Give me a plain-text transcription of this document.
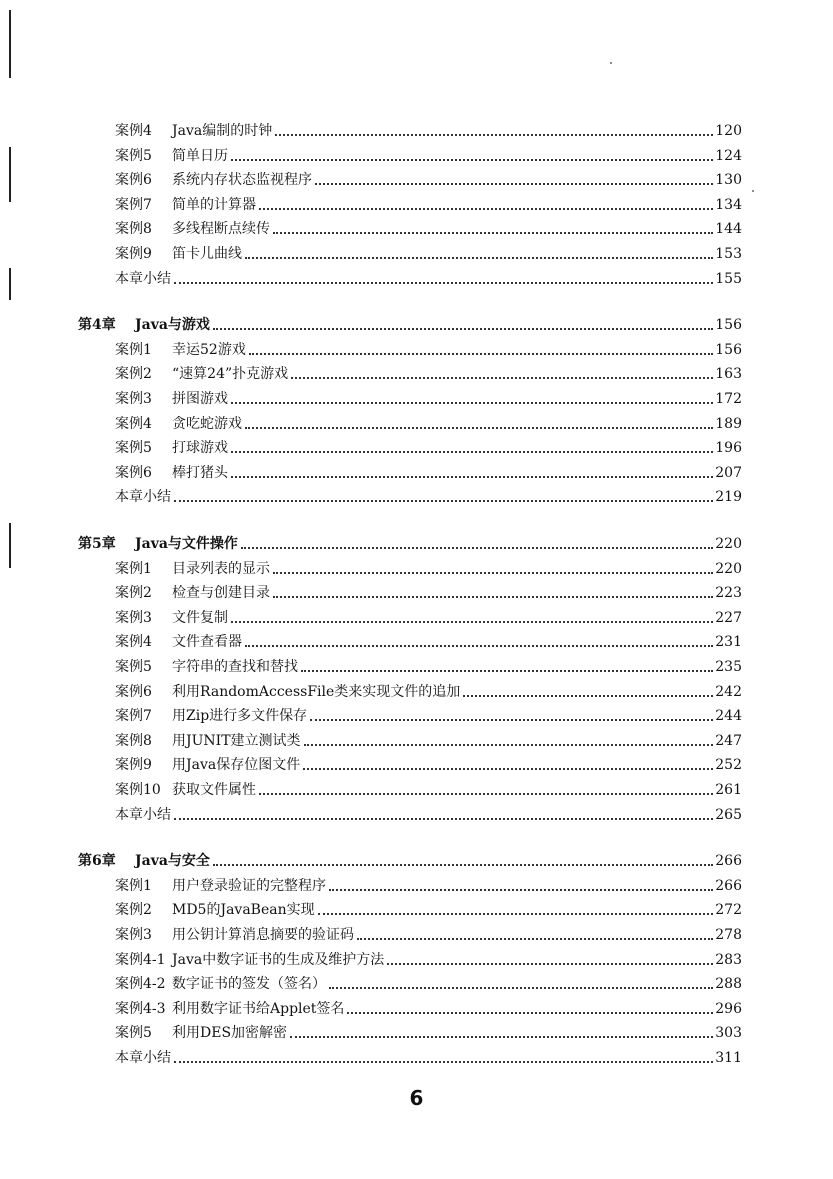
案例4 Java编制的时钟	120
案例5 简单日历	124
案例6 系统内存状态监视程序	130
案例7 简单的计算器	134
案例8 多线程断点续传	144
案例9 笛卡儿曲线	153
本章小结	155
第4章 Java与游戏	156
案例1 幸运52游戏	156
案例2 “速算24”扑克游戏	163
案例3 拼图游戏	172
案例4 贪吃蛇游戏	189
案例5 打球游戏	196
案例6 棒打猪头	207
本章小结	219
第5章 Java与文件操作	220
案例1 目录列表的显示	220
案例2 检查与创建目录	223
案例3 文件复制	227
案例4 文件查看器	231
案例5 字符串的查找和替找	235
案例6 利用RandomAccessFile类来实现文件的追加	242
案例7 用Zip进行多文件保存	244
案例8 用JUNIT建立测试类	247
案例9 用Java保存位图文件	252
案例10 获取文件属性	261
本章小结	265
第6章 Java与安全	266
案例1 用户登录验证的完整程序	266
案例2 MD5的JavaBean实现	272
案例3 用公钥计算消息摘要的验证码	278
案例4-1 Java中数字证书的生成及维护方法	283
案例4-2 数字证书的签发（签名）	288
案例4-3 利用数字证书给Applet签名	296
案例5 利用DES加密解密	303
本章小结	311
6
